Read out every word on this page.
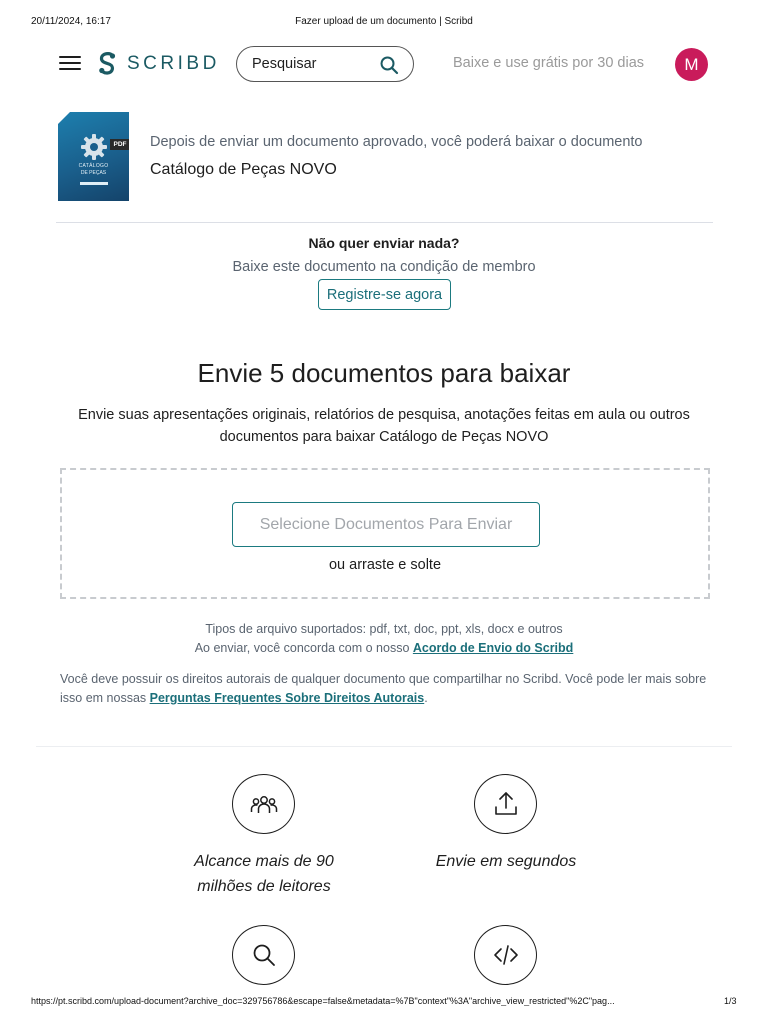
20/11/2024, 16:17	Fazer upload de um documento | Scribd
SCRIBD
Pesquisar	Baixe e use grátis por 30 dias	M
PDF
CATÁLOGO
DE PEÇAS
Depois de enviar um documento aprovado, você poderá baixar o documento
Catálogo de Peças NOVO
Não quer enviar nada?
Baixe este documento na condição de membro
Registre-se agora
Envie 5 documentos para baixar
Envie suas apresentações originais, relatórios de pesquisa, anotações feitas em aula ou outros documentos para baixar Catálogo de Peças NOVO
Selecione Documentos Para Enviar
ou arraste e solte
Tipos de arquivo suportados: pdf, txt, doc, ppt, xls, docx e outros
Ao enviar, você concorda com o nosso Acordo de Envio do Scribd
Você deve possuir os direitos autorais de qualquer documento que compartilhar no Scribd. Você pode ler mais sobre isso em nossas Perguntas Frequentes Sobre Direitos Autorais.
Alcance mais de 90 milhões de leitores
Envie em segundos
https://pt.scribd.com/upload-document?archive_doc=329756786&escape=false&metadata=%7B"context"%3A"archive_view_restricted"%2C"pag...	1/3
